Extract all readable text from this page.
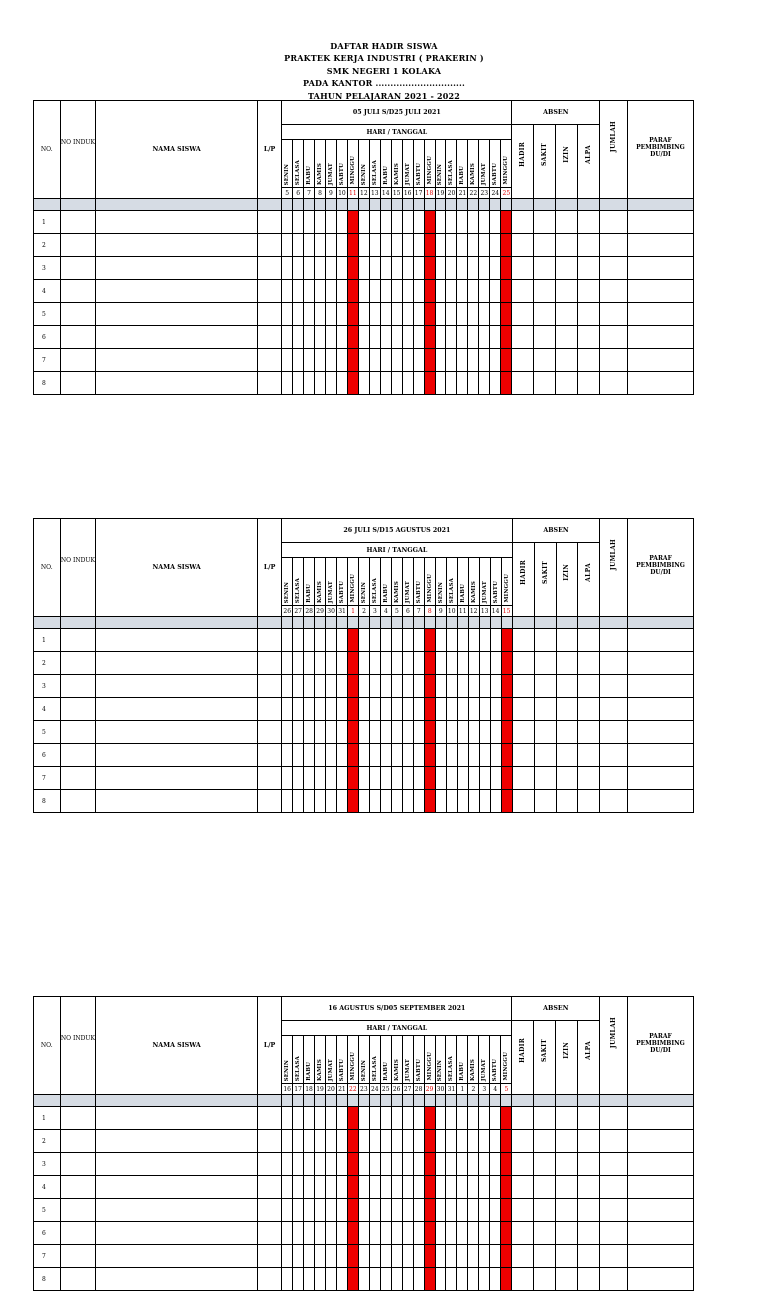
DAFTAR HADIR SISWA
PRAKTEK KERJA INDUSTRI ( PRAKERIN )
SMK NEGERI 1 KOLAKA
PADA KANTOR ..............................
TAHUN PELAJARAN 2021 - 2022
NO.	NO INDUK	NAMA SISWA	L/P	05 JULI S/D25 JULI 2021																					ABSEN				JUMLAH	PARAF PEMBIMBING DU/DI
				HARI / TANGGAL																					HADIR	SAKIT	IZIN	ALPA		
				SENIN	SELASA	RABU	KAMIS	JUMAT	SABTU	MINGGU	SENIN	SELASA	RABU	KAMIS	JUMAT	SABTU	MINGGU	SENIN	SELASA	RABU	KAMIS	JUMAT	SABTU	MINGGU						
				5	6	7	8	9	10	11	12	13	14	15	16	17	18	19	20	21	22	23	24	25						

1																														
2																														
3																														
4																														
5																														
6																														
7																														
8																														
NO.	NO INDUK	NAMA SISWA	L/P	26 JULI S/D15 AGUSTUS 2021																					ABSEN				JUMLAH	PARAF PEMBIMBING DU/DI
				HARI / TANGGAL																					HADIR	SAKIT	IZIN	ALPA		
				SENIN	SELASA	RABU	KAMIS	JUMAT	SABTU	MINGGU	SENIN	SELASA	RABU	KAMIS	JUMAT	SABTU	MINGGU	SENIN	SELASA	RABU	KAMIS	JUMAT	SABTU	MINGGU						
				26	27	28	29	30	31	1	2	3	4	5	6	7	8	9	10	11	12	13	14	15						

1																														
2																														
3																														
4																														
5																														
6																														
7																														
8																														
NO.	NO INDUK	NAMA SISWA	L/P	16 AGUSTUS S/D05 SEPTEMBER 2021																					ABSEN				JUMLAH	PARAF PEMBIMBING DU/DI
				HARI / TANGGAL																					HADIR	SAKIT	IZIN	ALPA		
				SENIN	SELASA	RABU	KAMIS	JUMAT	SABTU	MINGGU	SENIN	SELASA	RABU	KAMIS	JUMAT	SABTU	MINGGU	SENIN	SELASA	RABU	KAMIS	JUMAT	SABTU	MINGGU						
				16	17	18	19	20	21	22	23	24	25	26	27	28	29	30	31	1	2	3	4	5						

1																														
2																														
3																														
4																														
5																														
6																														
7																														
8																														
